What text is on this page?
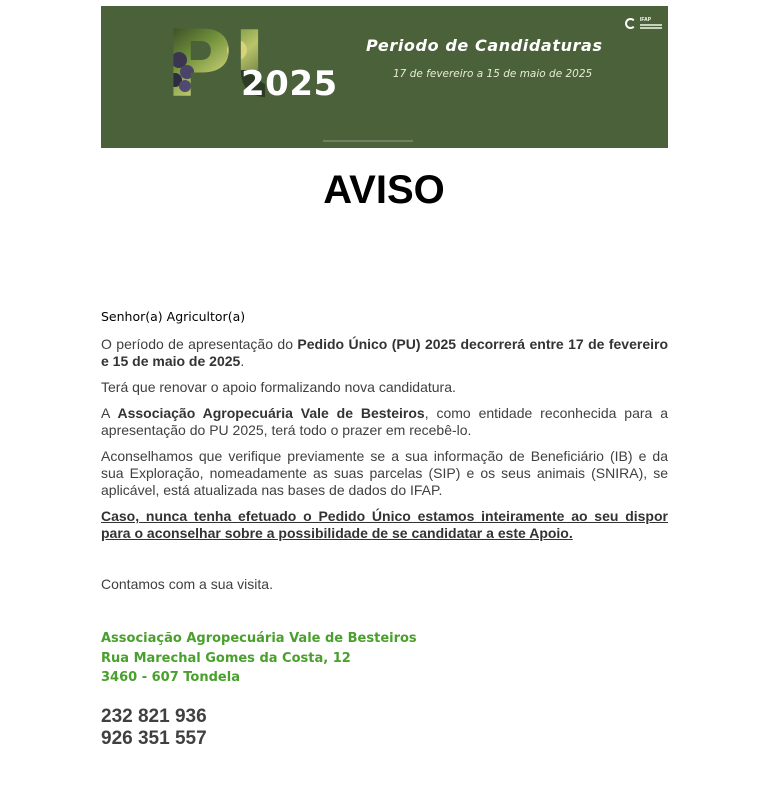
2025
Periodo de Candidaturas
17 de fevereiro a 15 de maio de 2025
IFAP
AVISO

Senhor(a) Agricultor(a)

O período de apresentação do Pedido Único (PU) 2025 decorrerá entre 17 de fevereiro e 15 de maio de 2025.

Terá que renovar o apoio formalizando nova candidatura.

A Associação Agropecuária Vale de Besteiros, como entidade reconhecida para a apresentação do PU 2025, terá todo o prazer em recebê-lo.

Aconselhamos que verifique previamente se a sua informação de Beneficiário (IB) e da sua Exploração, nomeadamente as suas parcelas (SIP) e os seus animais (SNIRA), se aplicável, está atualizada nas bases de dados do IFAP.

Caso, nunca tenha efetuado o Pedido Único estamos inteiramente ao seu dispor para o aconselhar sobre a possibilidade de se candidatar a este Apoio.

Contamos com a sua visita.

Associação Agropecuária Vale de Besteiros
Rua Marechal Gomes da Costa, 12
3460 - 607 Tondela
232 821 936
926 351 557
